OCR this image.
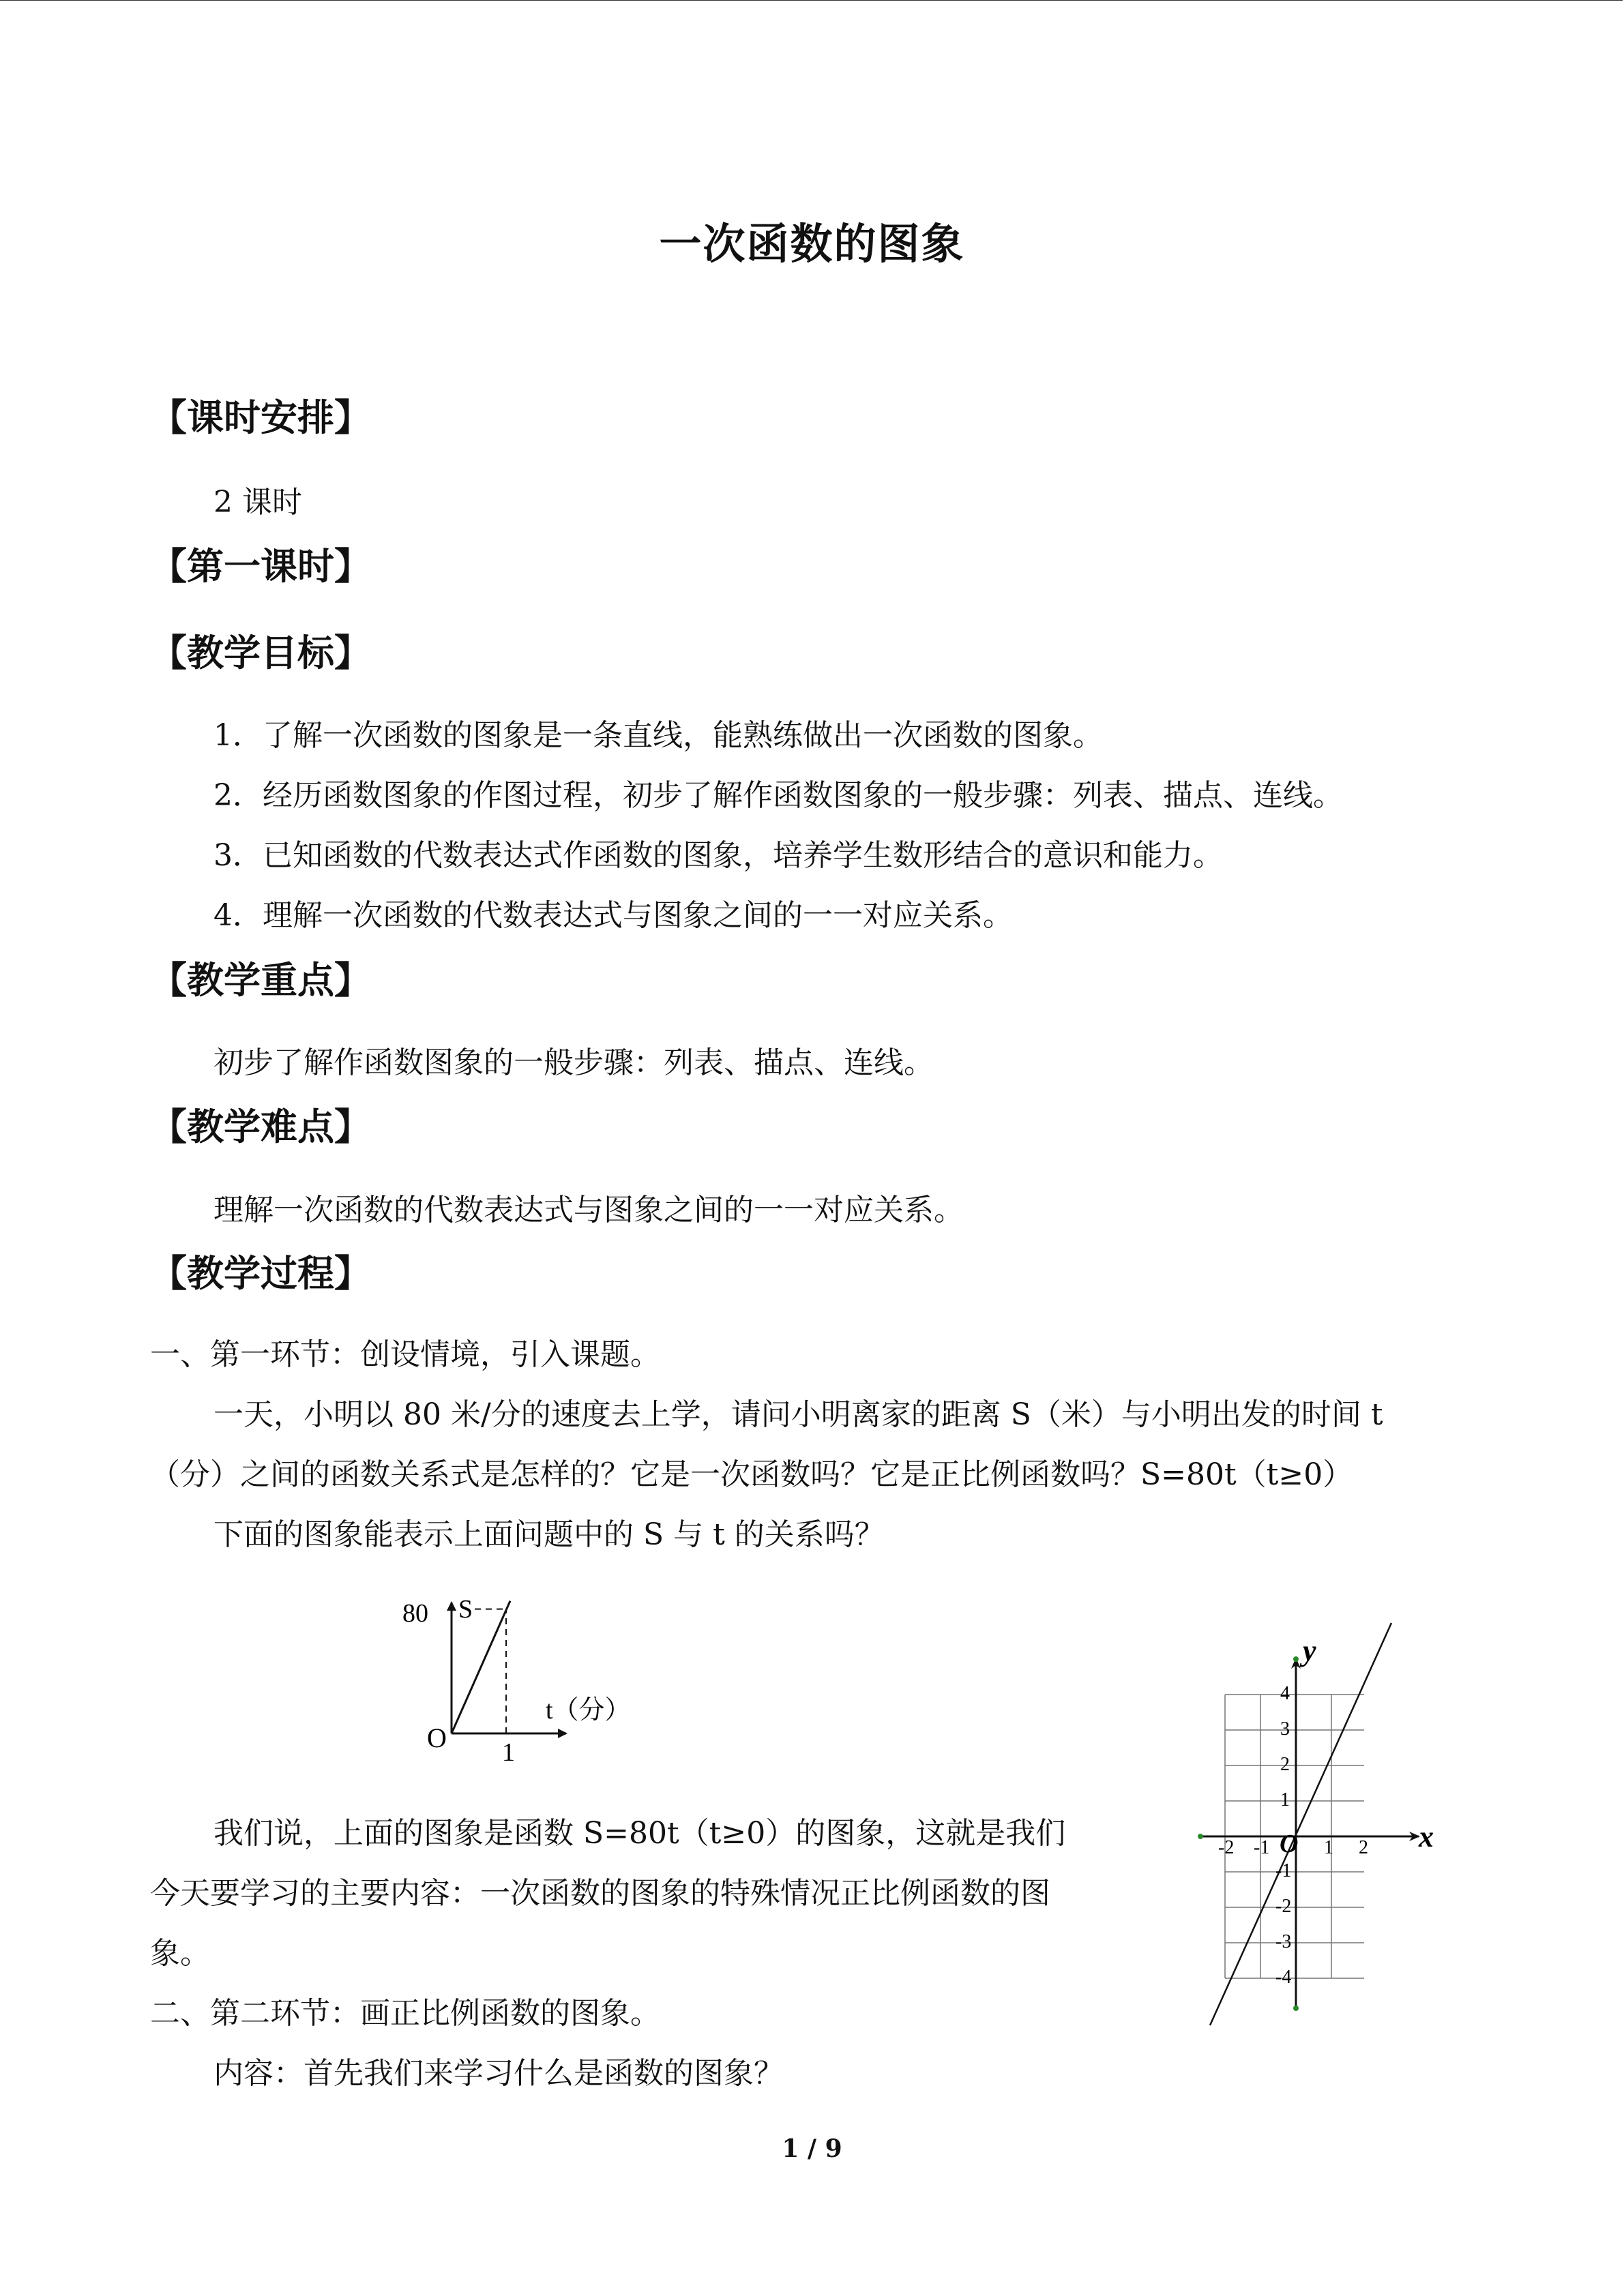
一次函数的图象
【课时安排】
2 课时
【第一课时】
【教学目标】
1．了解一次函数的图象是一条直线，能熟练做出一次函数的图象。
2．经历函数图象的作图过程，初步了解作函数图象的一般步骤：列表、描点、连线。
3．已知函数的代数表达式作函数的图象，培养学生数形结合的意识和能力。
4．理解一次函数的代数表达式与图象之间的一一对应关系。
【教学重点】
初步了解作函数图象的一般步骤：列表、描点、连线。
【教学难点】
理解一次函数的代数表达式与图象之间的一一对应关系。
【教学过程】
一、第一环节：创设情境，引入课题。
一天，小明以 80 米/分的速度去上学，请问小明离家的距离 S（米）与小明出发的时间 t
（分）之间的函数关系式是怎样的？它是一次函数吗？它是正比例函数吗？S=80t（t≥0）
下面的图象能表示上面问题中的 S 与 t 的关系吗？
80 S
t（分）
1
O
我们说，上面的图象是函数 S=80t（t≥0）的图象，这就是我们
今天要学习的主要内容：一次函数的图象的特殊情况正比例函数的图
象。
二、第二环节：画正比例函数的图象。
内容：首先我们来学习什么是函数的图象？
y
x
O
-2 -1	1 2
4
3
2
1
-1
-2
-3
-4
1 / 9
